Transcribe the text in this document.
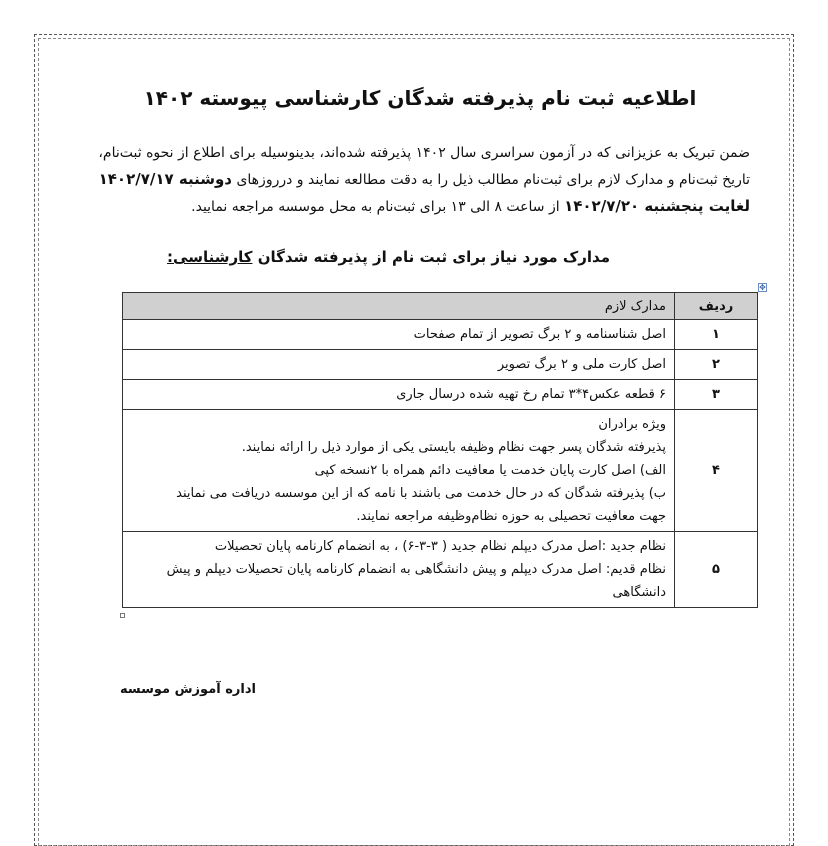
اطلاعیه ثبت نام پذیرفته شدگان کارشناسی پیوسته ۱۴۰۲
ضمن تبریک به عزیزانی که در آزمون سراسری سال ۱۴۰۲ پذیرفته شده‌اند، بدینوسیله برای اطلاع از نحوه ثبت‌نام، تاریخ ثبت‌نام و مدارک لازم برای ثبت‌نام مطالب ذیل را به دقت مطالعه نمایند و درروزهای دوشنبه ۱۴۰۲/۷/۱۷ لغایت پنجشنبه ۱۴۰۲/۷/۲۰ از ساعت ۸ الی ۱۳ برای ثبت‌نام به محل موسسه مراجعه نمایید.
مدارک مورد نیاز برای ثبت نام از پذیرفته شدگان کارشناسی:
✥
ردیف	مدارک لازم
۱	اصل شناسنامه و ۲ برگ تصویر از تمام صفحات

۲	اصل کارت ملی و ۲ برگ تصویر

۳	۶ قطعه عکس۴*۳ تمام رخ تهیه شده درسال جاری

۴	ویژه برادران
پذیرفته شدگان پسر جهت نظام وظیفه بایستی یکی از موارد ذیل را ارائه نمایند.
الف) اصل کارت پایان خدمت یا معافیت دائم همراه با ۲نسخه کپی
ب) پذیرفته شدگان که در حال خدمت می باشند با نامه که از این موسسه دریافت می نمایند
جهت معافیت تحصیلی به حوزه نظام‌وظیفه مراجعه نمایند.

۵	نظام جدید :اصل مدرک دیپلم نظام جدید ( ۳-۳-۶) ، به انضمام کارنامه پایان تحصیلات
نظام قدیم: اصل مدرک دیپلم و پیش دانشگاهی به انضمام کارنامه پایان تحصیلات دیپلم و پیش دانشگاهی
اداره آموزش موسسه
